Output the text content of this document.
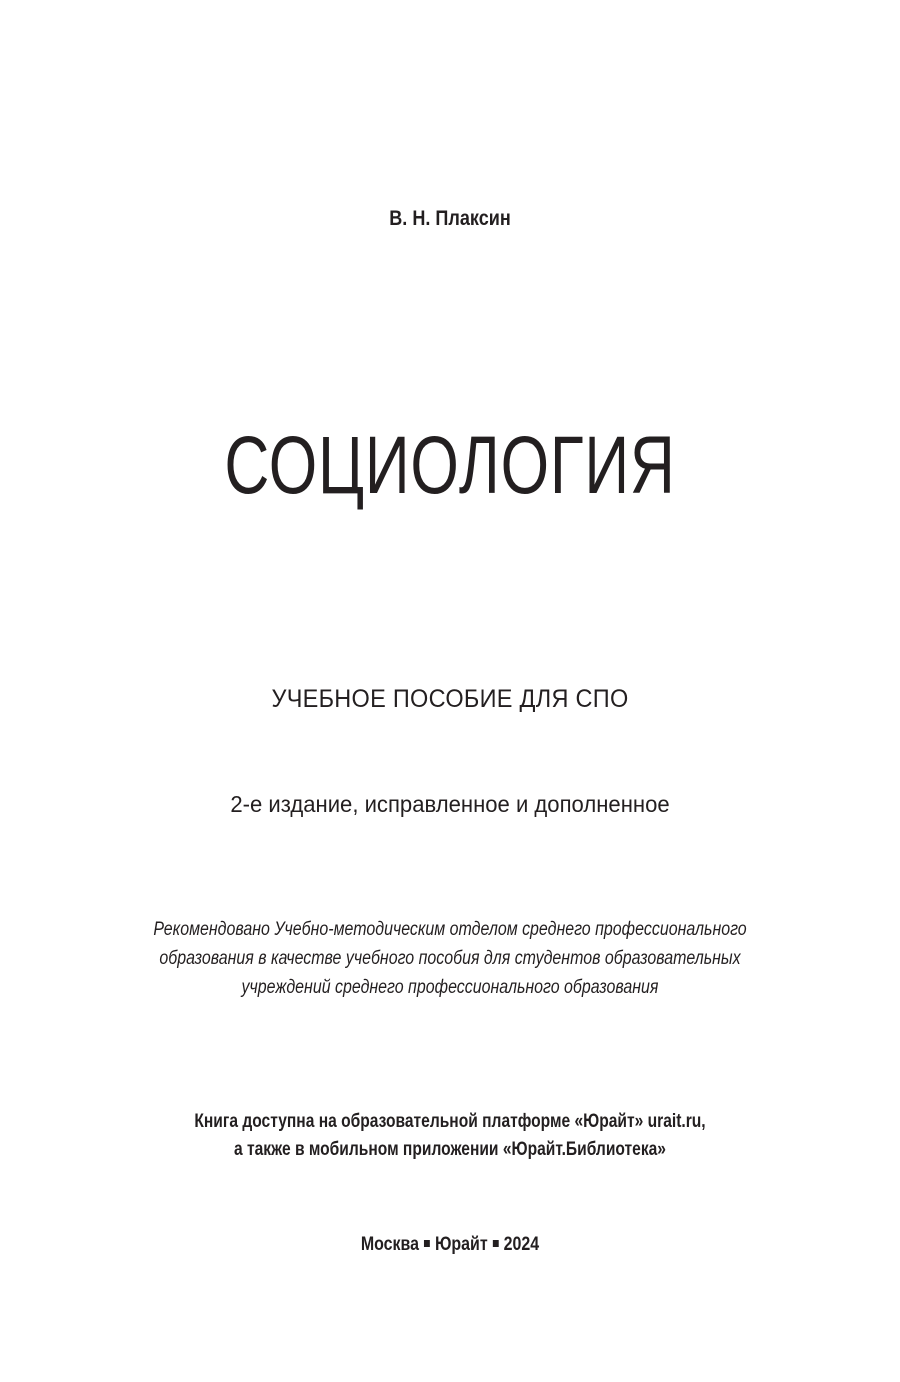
В. Н. Плаксин
СОЦИОЛОГИЯ
УЧЕБНОЕ ПОСОБИЕ ДЛЯ СПО
2-е издание, исправленное и дополненное
Рекомендовано Учебно-методическим отделом среднего профессионального
образования в качестве учебного пособия для студентов образовательных
учреждений среднего профессионального образования
Книга доступна на образовательной платформе «Юрайт» urait.ru,
а также в мобильном приложении «Юрайт.Библиотека»
Москва Юрайт 2024
